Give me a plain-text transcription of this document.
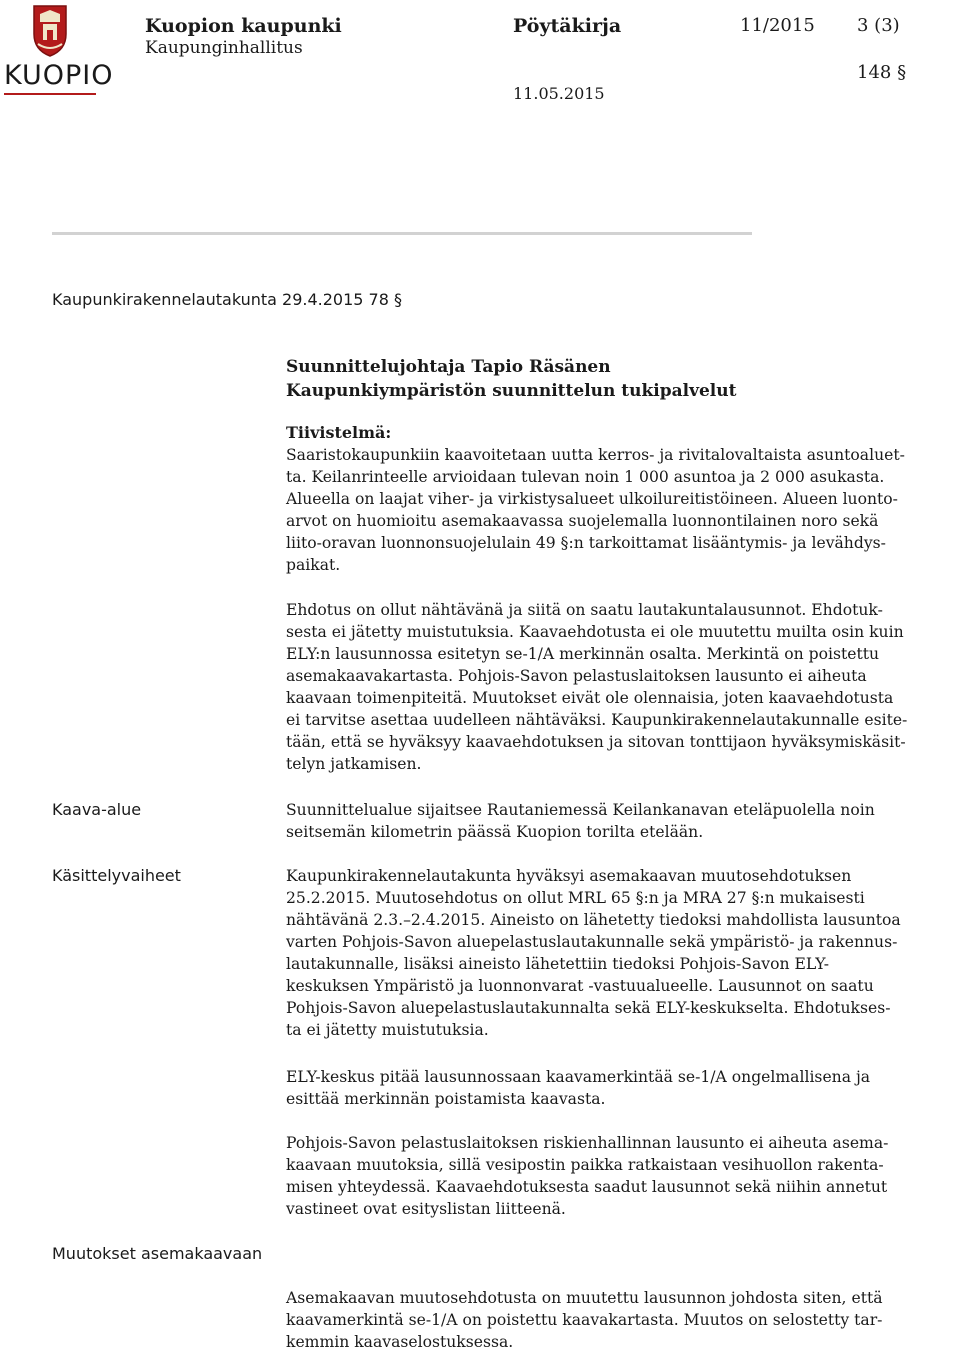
KUOPIO
Kuopion kaupunki
Kaupunginhallitus
Pöytäkirja	11/2015 3 (3)
148 §
11.05.2015
Kaupunkirakennelautakunta 29.4.2015 78 §

Suunnittelujohtaja Tapio Räsänen

Kaupunkiympäristön suunnittelun tukipalvelut

Tiivistelmä:

Saaristokaupunkiin kaavoitetaan uutta kerros- ja rivitalovaltaista asuntoaluet-

ta. Keilanrinteelle arvioidaan tulevan noin 1 000 asuntoa ja 2 000 asukasta.

Alueella on laajat viher- ja virkistysalueet ulkoilureitistöineen. Alueen luonto-

arvot on huomioitu asemakaavassa suojelemalla luonnontilainen noro sekä

liito-oravan luonnonsuojelulain 49 §:n tarkoittamat lisääntymis- ja levähdys-

paikat.

Ehdotus on ollut nähtävänä ja siitä on saatu lautakuntalausunnot. Ehdotuk-

sesta ei jätetty muistutuksia. Kaavaehdotusta ei ole muutettu muilta osin kuin

ELY:n lausunnossa esitetyn se-1/A merkinnän osalta. Merkintä on poistettu

asemakaavakartasta. Pohjois-Savon pelastuslaitoksen lausunto ei aiheuta

kaavaan toimenpiteitä. Muutokset eivät ole olennaisia, joten kaavaehdotusta

ei tarvitse asettaa uudelleen nähtäväksi. Kaupunkirakennelautakunnalle esite-

tään, että se hyväksyy kaavaehdotuksen ja sitovan tonttijaon hyväksymiskäsit-

telyn jatkamisen.

Kaava-alue	Suunnittelualue sijaitsee Rautaniemessä Keilankanavan eteläpuolella noin

seitsemän kilometrin päässä Kuopion torilta etelään.

Käsittelyvaiheet	Kaupunkirakennelautakunta hyväksyi asemakaavan muutosehdotuksen

25.2.2015. Muutosehdotus on ollut MRL 65 §:n ja MRA 27 §:n mukaisesti

nähtävänä 2.3.–2.4.2015. Aineisto on lähetetty tiedoksi mahdollista lausuntoa

varten Pohjois-Savon aluepelastuslautakunnalle sekä ympäristö- ja rakennus-

lautakunnalle, lisäksi aineisto lähetettiin tiedoksi Pohjois-Savon ELY-

keskuksen Ympäristö ja luonnonvarat -vastuualueelle. Lausunnot on saatu

Pohjois-Savon aluepelastuslautakunnalta sekä ELY-keskukselta. Ehdotukses-

ta ei jätetty muistutuksia.

ELY-keskus pitää lausunnossaan kaavamerkintää se-1/A ongelmallisena ja

esittää merkinnän poistamista kaavasta.

Pohjois-Savon pelastuslaitoksen riskienhallinnan lausunto ei aiheuta asema-

kaavaan muutoksia, sillä vesipostin paikka ratkaistaan vesihuollon rakenta-

misen yhteydessä. Kaavaehdotuksesta saadut lausunnot sekä niihin annetut

vastineet ovat esityslistan liitteenä.

Muutokset asemakaavaan

Asemakaavan muutosehdotusta on muutettu lausunnon johdosta siten, että

kaavamerkintä se-1/A on poistettu kaavakartasta. Muutos on selostetty tar-

kemmin kaavaselostuksessa.
